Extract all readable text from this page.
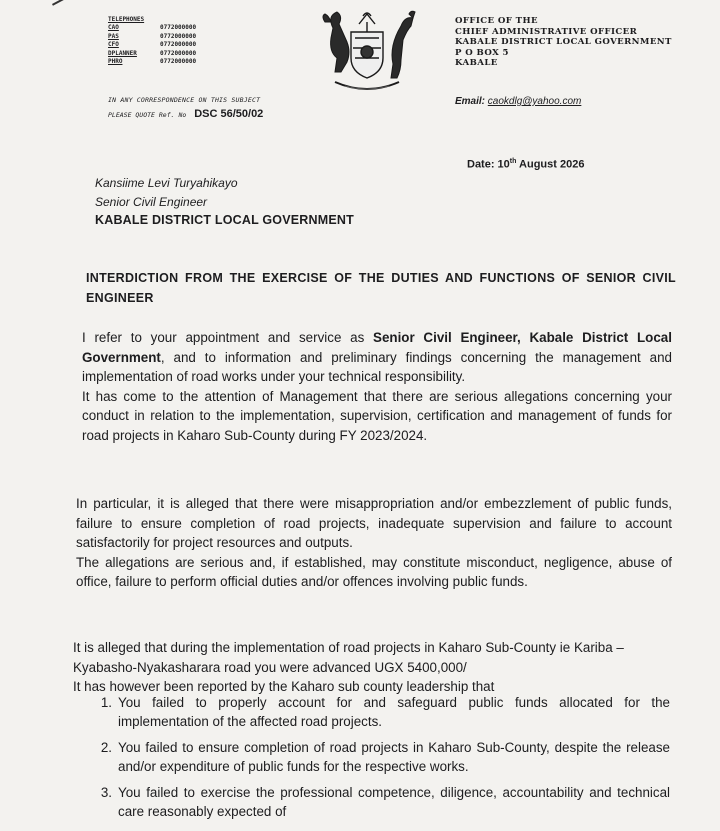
TELEPHONES
CAO	0772000000
PAS	0772000000
CFO	0772000000
DPLANNER	0772000000
PHRO	0772000000
IN ANY CORRESPONDENCE ON THIS SUBJECT
PLEASE QUOTE Ref. No DSC 56/50/02
OFFICE OF THE
CHIEF ADMINISTRATIVE OFFICER
KABALE DISTRICT LOCAL GOVERNMENT
P O BOX 5
KABALE
Email: caokdlg@yahoo.com
Date: 10th August 2026
Kansiime Levi Turyahikayo
Senior Civil Engineer
KABALE DISTRICT LOCAL GOVERNMENT
INTERDICTION FROM THE EXERCISE OF THE DUTIES AND FUNCTIONS OF SENIOR CIVIL ENGINEER
I refer to your appointment and service as Senior Civil Engineer, Kabale District Local Government, and to information and preliminary findings concerning the management and implementation of road works under your technical responsibility.
It has come to the attention of Management that there are serious allegations concerning your conduct in relation to the implementation, supervision, certification and management of funds for road projects in Kaharo Sub-County during FY 2023/2024.
In particular, it is alleged that there were misappropriation and/or embezzlement of public funds, failure to ensure completion of road projects, inadequate supervision and failure to account satisfactorily for project resources and outputs.
The allegations are serious and, if established, may constitute misconduct, negligence, abuse of office, failure to perform official duties and/or offences involving public funds.
It is alleged that during the implementation of road projects in Kaharo Sub-County ie Kariba –Kyabasho-Nyakasharara road you were advanced UGX 5400,000/
It has however been reported by the Kaharo sub county leadership that
1. You failed to properly account for and safeguard public funds allocated for the implementation of the affected road projects.
2. You failed to ensure completion of road projects in Kaharo Sub-County, despite the release and/or expenditure of public funds for the respective works.
3. You failed to exercise the professional competence, diligence, accountability and technical care reasonably expected of
